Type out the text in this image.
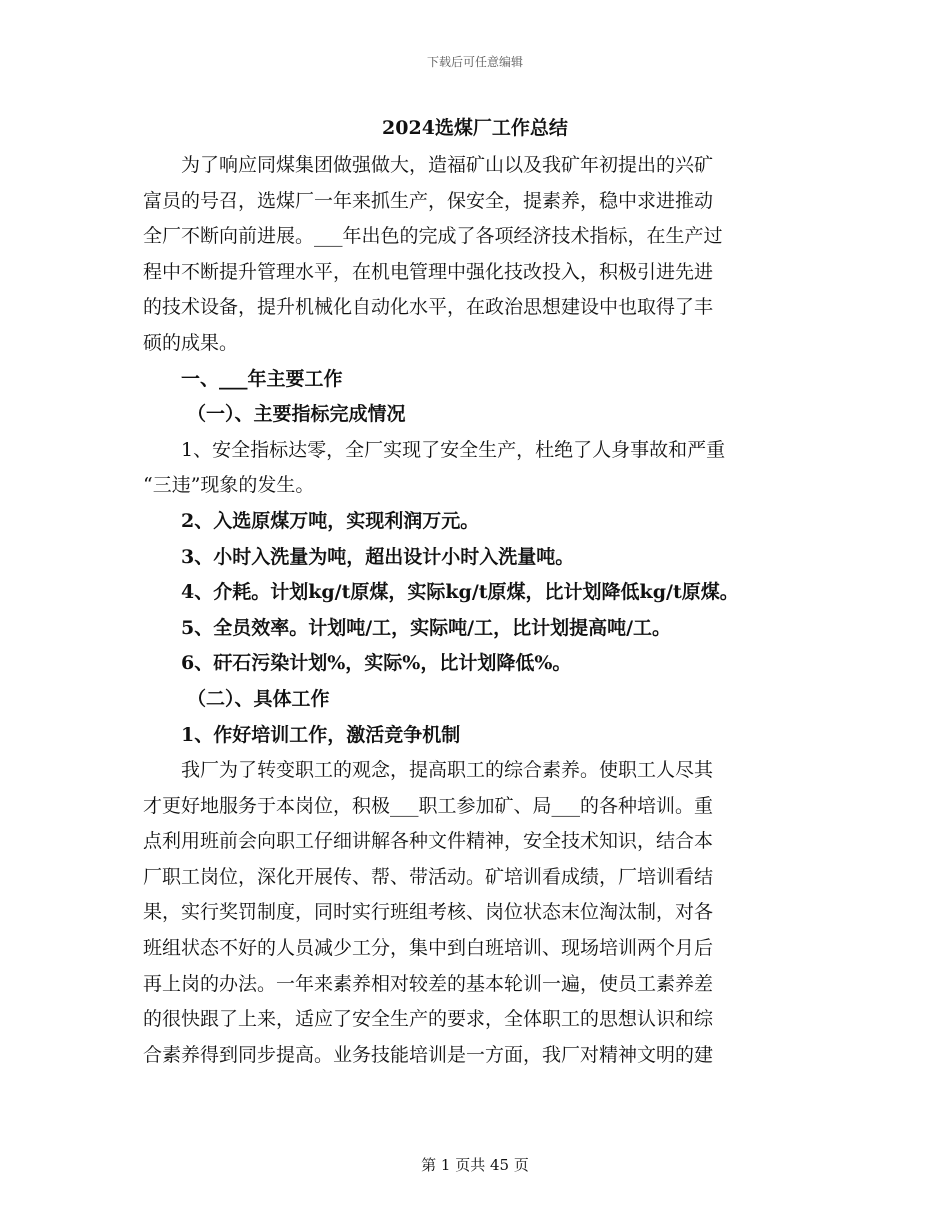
下载后可任意编辑
2024选煤厂工作总结
为了响应同煤集团做强做大，造福矿山以及我矿年初提出的兴矿
富员的号召，选煤厂一年来抓生产，保安全，提素养，稳中求进推动
全厂不断向前进展。___年出色的完成了各项经济技术指标，在生产过
程中不断提升管理水平，在机电管理中强化技改投入，积极引进先进
的技术设备，提升机械化自动化水平，在政治思想建设中也取得了丰
硕的成果。
一、___年主要工作
（一）、主要指标完成情况
1、安全指标达零，全厂实现了安全生产，杜绝了人身事故和严重
“三违”现象的发生。
2、入选原煤万吨，实现利润万元。
3、小时入洗量为吨，超出设计小时入洗量吨。
4、介耗。计划kg/t原煤，实际kg/t原煤，比计划降低kg/t原煤。
5、全员效率。计划吨/工，实际吨/工，比计划提高吨/工。
6、矸石污染计划%，实际%，比计划降低%。
（二）、具体工作
1、作好培训工作，激活竞争机制
我厂为了转变职工的观念，提高职工的综合素养。使职工人尽其
才更好地服务于本岗位，积极___职工参加矿、局___的各种培训。重
点利用班前会向职工仔细讲解各种文件精神，安全技术知识，结合本
厂职工岗位，深化开展传、帮、带活动。矿培训看成绩，厂培训看结
果，实行奖罚制度，同时实行班组考核、岗位状态末位淘汰制，对各
班组状态不好的人员减少工分，集中到白班培训、现场培训两个月后
再上岗的办法。一年来素养相对较差的基本轮训一遍，使员工素养差
的很快跟了上来，适应了安全生产的要求，全体职工的思想认识和综
合素养得到同步提高。业务技能培训是一方面，我厂对精神文明的建
第 1 页共 45 页
